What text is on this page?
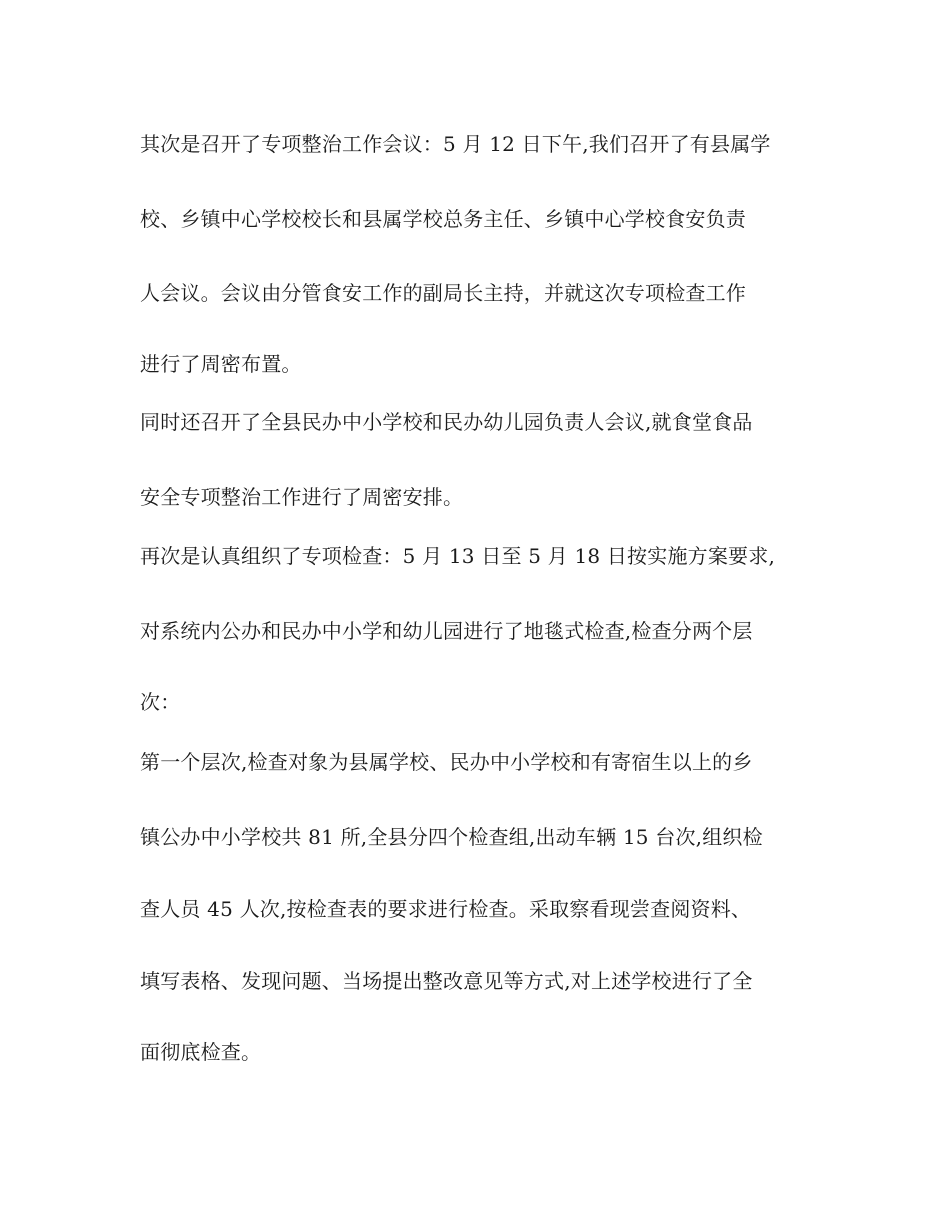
其次是召开了专项整治工作会议：5 月 12 日下午,我们召开了有县属学
校、乡镇中心学校校长和县属学校总务主任、乡镇中心学校食安负责
人会议。会议由分管食安工作的副局长主持，并就这次专项检查工作
进行了周密布置。
同时还召开了全县民办中小学校和民办幼儿园负责人会议,就食堂食品
安全专项整治工作进行了周密安排。
再次是认真组织了专项检查：5 月 13 日至 5 月 18 日按实施方案要求,
对系统内公办和民办中小学和幼儿园进行了地毯式检查,检查分两个层
次：
第一个层次,检查对象为县属学校、民办中小学校和有寄宿生以上的乡
镇公办中小学校共 81 所,全县分四个检查组,出动车辆 15 台次,组织检
查人员 45 人次,按检查表的要求进行检查。采取察看现尝查阅资料、
填写表格、发现问题、当场提出整改意见等方式,对上述学校进行了全
面彻底检查。
